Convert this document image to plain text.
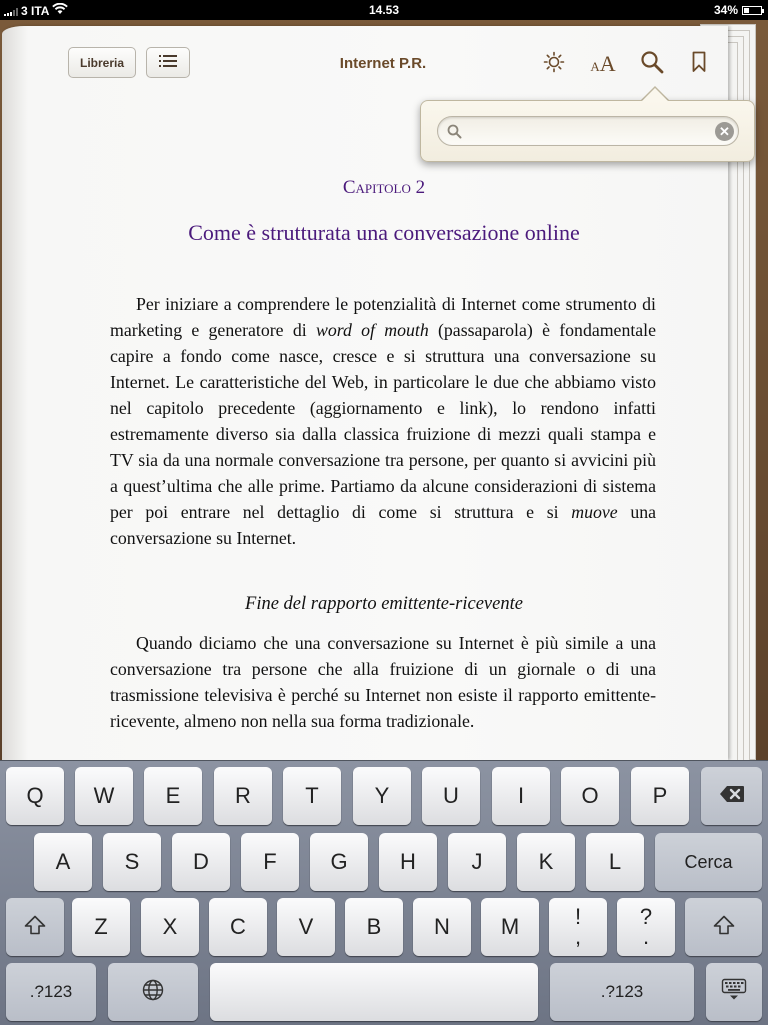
3 ITA	14.53	34%
Libreria	Internet P.R.	AA
✕
Capitolo 2
Come è strutturata una conversazione online
Per iniziare a comprendere le potenzialità di Internet come strumento di marketing e generatore di word of mouth (passaparola) è fondamentale capire a fondo come nasce, cresce e si struttura una conversazione su Internet. Le caratteristiche del Web, in particolare le due che abbiamo visto nel capitolo precedente (aggiornamento e link), lo rendono infatti estremamente diverso sia dalla classica fruizione di mezzi quali stampa e TV sia da una normale conversazione tra persone, per quanto si avvicini più a quest’ultima che alle prime. Partiamo da alcune considerazioni di sistema per poi entrare nel dettaglio di come si struttura e si muove una conversazione su Internet.
Fine del rapporto emittente-ricevente
Quando diciamo che una conversazione su Internet è più simile a una conversazione tra persone che alla fruizione di un giornale o di una trasmissione televisiva è perché su Internet non esiste il rapporto emittente-ricevente, almeno non nella sua forma tradizionale.
Q	W	E	R	T	Y	U	I	O	P
A	S	D	F	G	H	J	K	L	Cerca
Z	X	C	V	B	N	M	!
,
?
.
.?123	.?123
